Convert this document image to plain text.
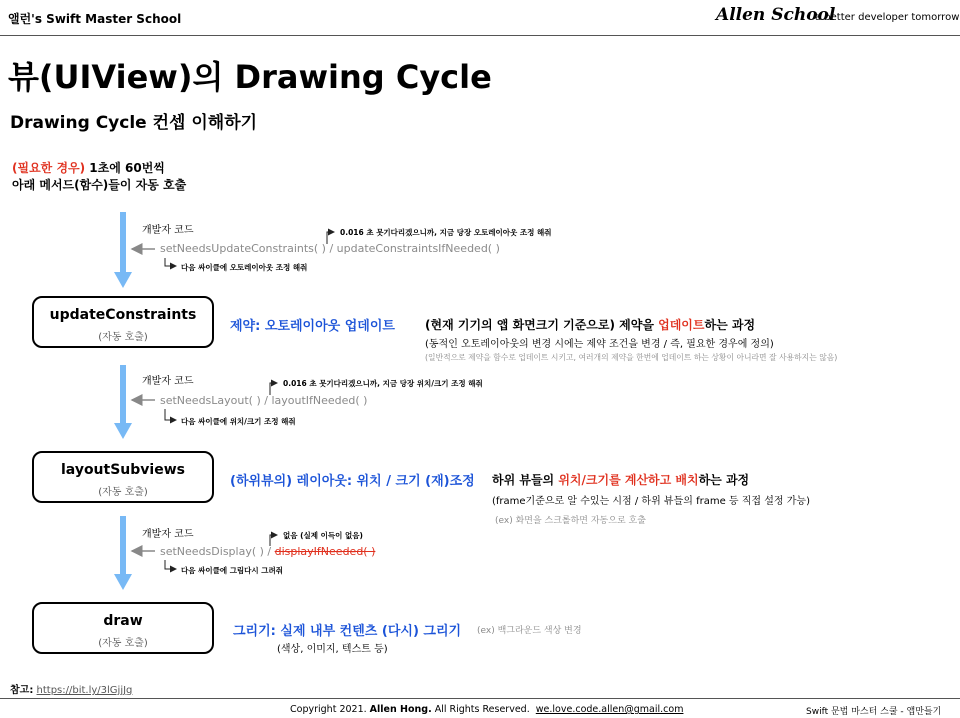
앨런's Swift Master School	Allen School
a better developer tomorrow
뷰(UIView)의 Drawing Cycle
Drawing Cycle 컨셉 이해하기
(필요한 경우) 1초에 60번씩
아래 메서드(함수)들이 자동 호출
개발자 코드
setNeedsUpdateConstraints( ) / updateConstraintsIfNeeded( )
0.016 초 못기다리겠으니까, 지금 당장 오토레이아웃 조정 해줘
다음 싸이클에 오토레이아웃 조정 해줘
updateConstraints
(자동 호출)
제약: 오토레이아웃 업데이트	(현재 기기의 앱 화면크기 기준으로) 제약을 업데이트하는 과정
(동적인 오토레이아웃의 변경 시에는 제약 조건을 변경 / 즉, 필요한 경우에 정의)
(일반적으로 제약을 함수로 업데이트 시키고, 여러개의 제약을 한번에 업데이트 하는 상황이 아니라면 잘 사용하지는 않음)
개발자 코드
setNeedsLayout( ) / layoutIfNeeded( )
0.016 초 못기다리겠으니까, 지금 당장 위치/크기 조정 해줘
다음 싸이클에 위치/크기 조정 해줘
layoutSubviews
(자동 호출)
(하위뷰의) 레이아웃: 위치 / 크기 (재)조정 하위 뷰들의 위치/크기를 계산하고 배치하는 과정
(frame기준으로 알 수있는 시점 / 하위 뷰들의 frame 등 직접 설정 가능)
(ex) 화면을 스크롤하면 자동으로 호출
개발자 코드
setNeedsDisplay( ) / displayIfNeeded( )
없음 (실제 이득이 없음)
다음 싸이클에 그림다시 그려줘
draw
(자동 호출)
그리기: 실제 내부 컨텐츠 (다시) 그리기 (ex) 백그라운드 색상 변경
(색상, 이미지, 텍스트 등)
참고: https://bit.ly/3lGjjJg
Copyright 2021. Allen Hong. All Rights Reserved. we.love.code.allen@gmail.com	Swift 문법 마스터 스쿨 - 앱만들기
